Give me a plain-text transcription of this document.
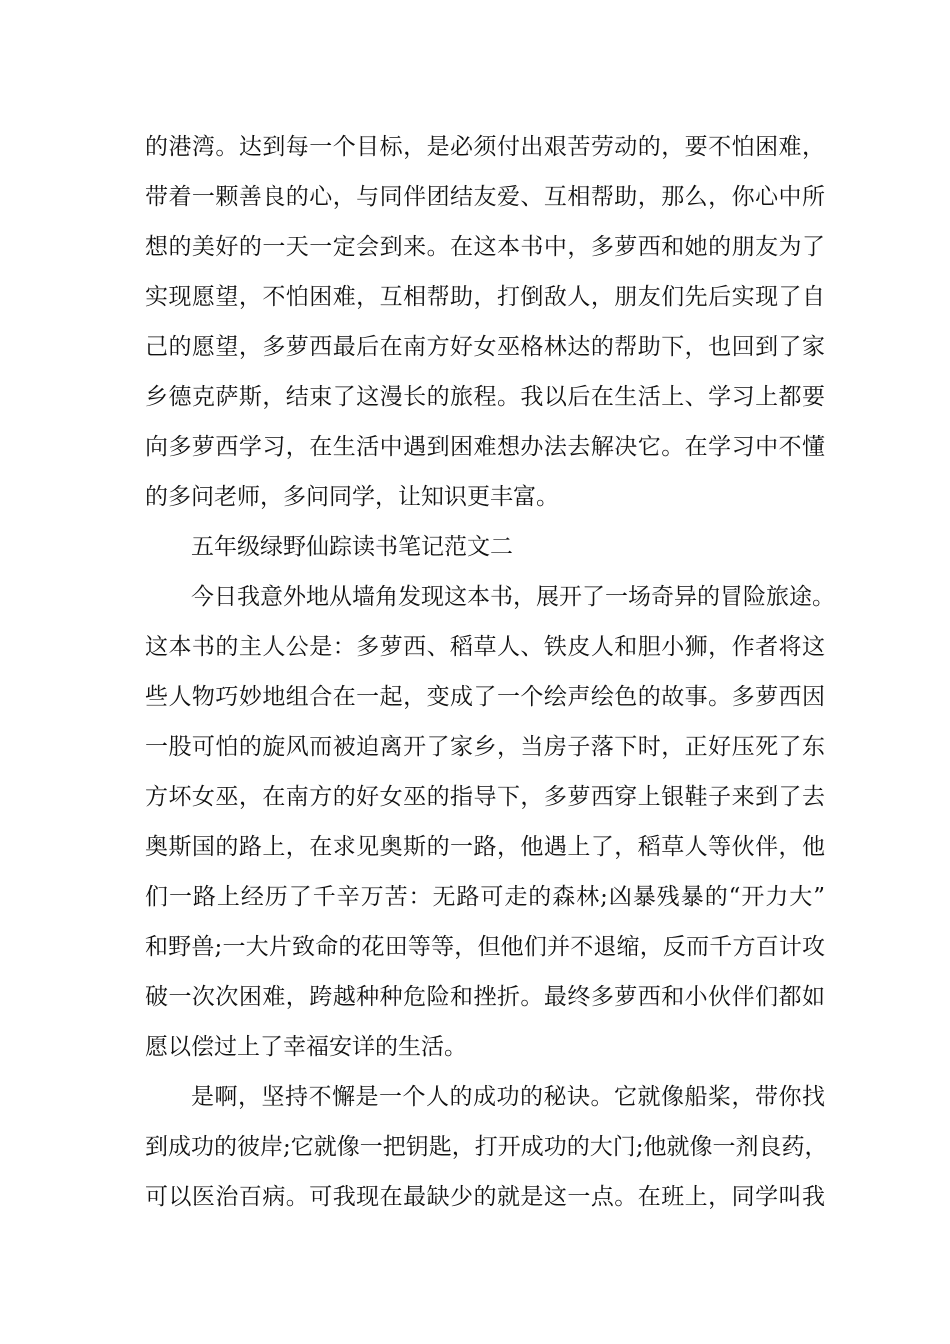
的港湾。达到每一个目标，是必须付出艰苦劳动的，要不怕困难，
带着一颗善良的心，与同伴团结友爱、互相帮助，那么，你心中所
想的美好的一天一定会到来。在这本书中，多萝西和她的朋友为了
实现愿望，不怕困难，互相帮助，打倒敌人，朋友们先后实现了自
己的愿望，多萝西最后在南方好女巫格林达的帮助下，也回到了家
乡德克萨斯，结束了这漫长的旅程。我以后在生活上、学习上都要
向多萝西学习，在生活中遇到困难想办法去解决它。在学习中不懂
的多问老师，多问同学，让知识更丰富。
五年级绿野仙踪读书笔记范文二
今日我意外地从墙角发现这本书，展开了一场奇异的冒险旅途。
这本书的主人公是：多萝西、稻草人、铁皮人和胆小狮，作者将这
些人物巧妙地组合在一起，变成了一个绘声绘色的故事。多萝西因
一股可怕的旋风而被迫离开了家乡，当房子落下时，正好压死了东
方坏女巫，在南方的好女巫的指导下，多萝西穿上银鞋子来到了去
奥斯国的路上，在求见奥斯的一路，他遇上了，稻草人等伙伴，他
们一路上经历了千辛万苦：无路可走的森林;凶暴残暴的“开力大”
和野兽;一大片致命的花田等等，但他们并不退缩，反而千方百计攻
破一次次困难，跨越种种危险和挫折。最终多萝西和小伙伴们都如
愿以偿过上了幸福安详的生活。
是啊，坚持不懈是一个人的成功的秘诀。它就像船桨，带你找
到成功的彼岸;它就像一把钥匙，打开成功的大门;他就像一剂良药，
可以医治百病。可我现在最缺少的就是这一点。在班上，同学叫我
